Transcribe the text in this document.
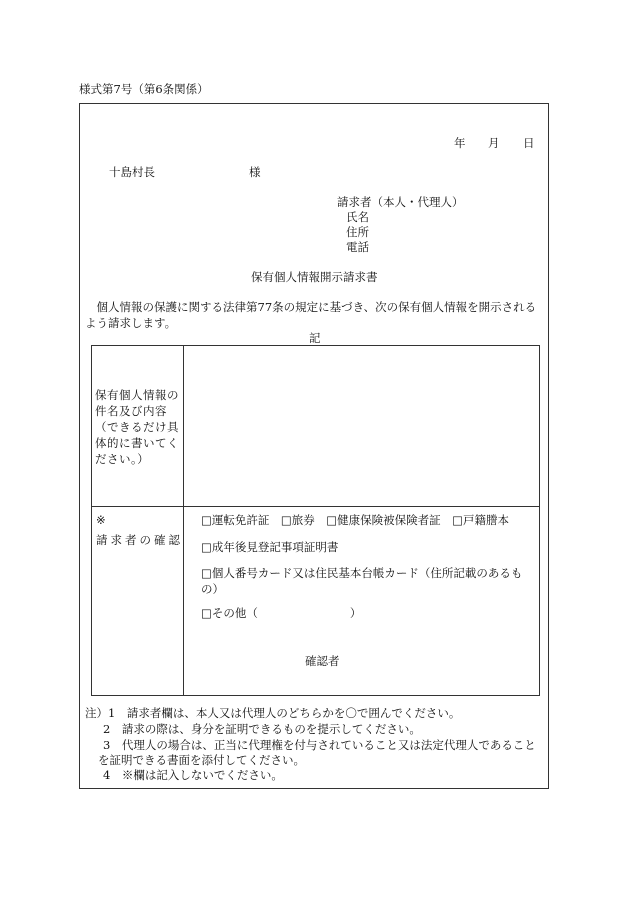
様式第7号（第6条関係）
年 月 日
十島村長	様
請求者（本人・代理人）
氏名
住所
電話
保有個人情報開示請求書
　個人情報の保護に関する法律第77条の規定に基づき、次の保有個人情報を開示される
よう請求します。
記
保有個人情報の件名及び内容（できるだけ具体的に書いてください。）
※
請求者の確認
□運転免許証　□旅券　□健康保険被保険者証　□戸籍謄本
□成年後見登記事項証明書
□個人番号カード又は住民基本台帳カード（住所記載のあるも
の）
□その他（　　　　　　　　）
確認者
注）1　請求者欄は、本人又は代理人のどちらかを〇で囲んでください。
2　請求の際は、身分を証明できるものを提示してください。
3　代理人の場合は、正当に代理権を付与されていること又は法定代理人であること
を証明できる書面を添付してください。
4　※欄は記入しないでください。
